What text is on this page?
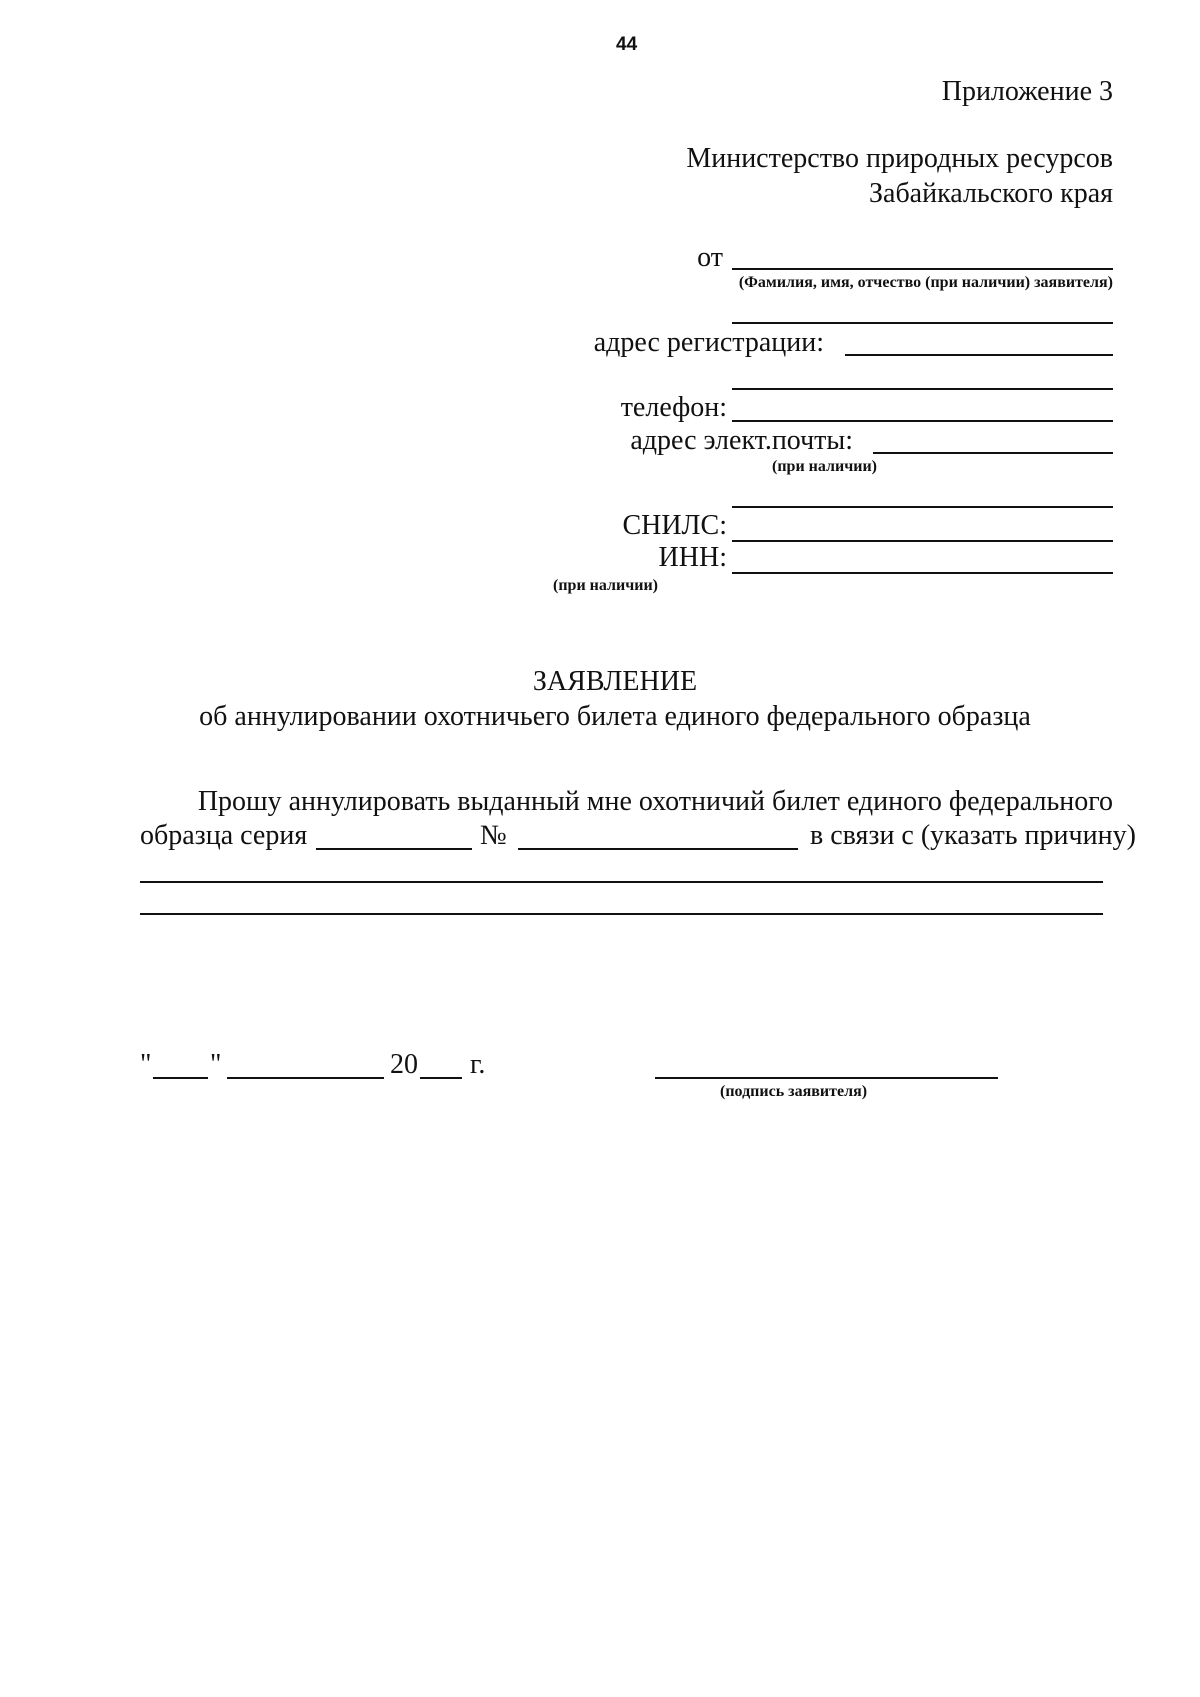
44
Приложение 3
Министерство природных ресурсов
Забайкальского края
от
(Фамилия, имя, отчество (при наличии) заявителя)
адрес регистрации:
телефон:
адрес элект.почты:
(при наличии)
СНИЛС:
ИНН:
(при наличии)
ЗАЯВЛЕНИЕ
об аннулировании охотничьего билета единого федерального образца
Прошу аннулировать выданный мне охотничий билет единого федерального
образца серия	№	в связи с (указать причину)
" "	20 г.
(подпись заявителя)
